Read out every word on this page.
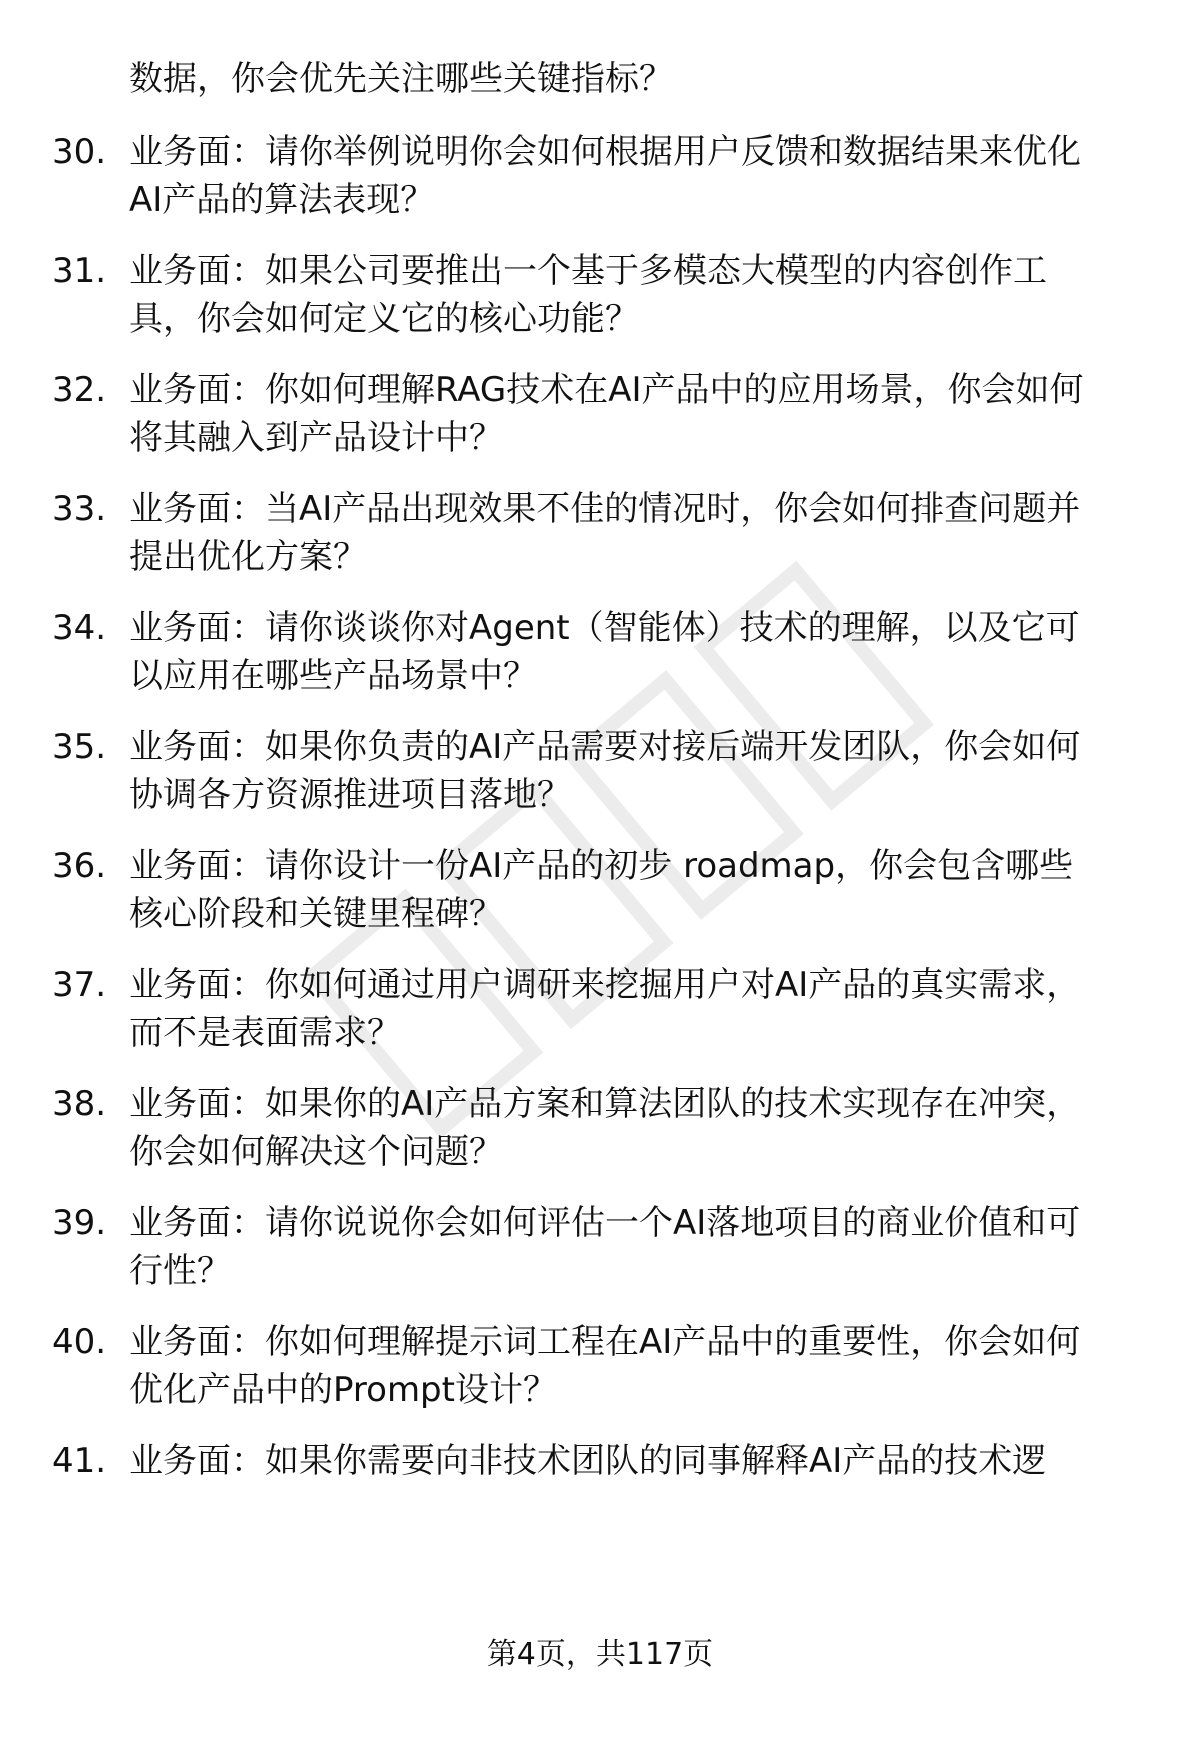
数据，你会优先关注哪些关键指标？
30. 业务面：请你举例说明你会如何根据用户反馈和数据结果来优化
AI产品的算法表现？
31. 业务面：如果公司要推出一个基于多模态大模型的内容创作工
具，你会如何定义它的核心功能？
32. 业务面：你如何理解RAG技术在AI产品中的应用场景，你会如何
将其融入到产品设计中？
33. 业务面：当AI产品出现效果不佳的情况时，你会如何排查问题并
提出优化方案？
34. 业务面：请你谈谈你对Agent（智能体）技术的理解，以及它可
以应用在哪些产品场景中？
35. 业务面：如果你负责的AI产品需要对接后端开发团队，你会如何
协调各方资源推进项目落地？
36. 业务面：请你设计一份AI产品的初步 roadmap，你会包含哪些
核心阶段和关键里程碑？
37. 业务面：你如何通过用户调研来挖掘用户对AI产品的真实需求，
而不是表面需求？
38. 业务面：如果你的AI产品方案和算法团队的技术实现存在冲突，
你会如何解决这个问题？
39. 业务面：请你说说你会如何评估一个AI落地项目的商业价值和可
行性？
40. 业务面：你如何理解提示词工程在AI产品中的重要性，你会如何
优化产品中的Prompt设计？
41. 业务面：如果你需要向非技术团队的同事解释AI产品的技术逻
第4页，共117页
